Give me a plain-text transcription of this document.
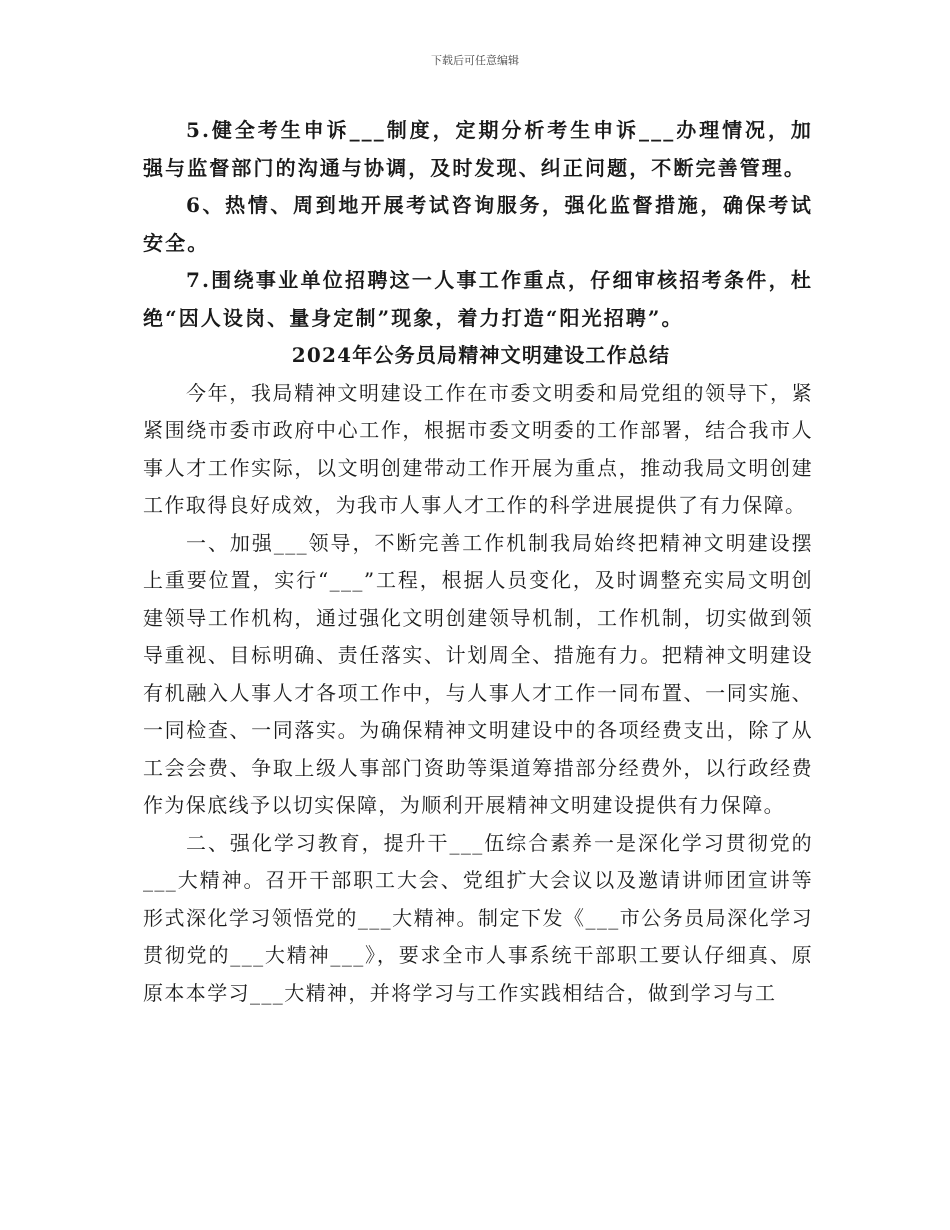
下载后可任意编辑

5.健全考生申诉___制度，定期分析考生申诉___办理情况，加强与监督部门的沟通与协调，及时发现、纠正问题，不断完善管理。

6、热情、周到地开展考试咨询服务，强化监督措施，确保考试安全。

7.围绕事业单位招聘这一人事工作重点，仔细审核招考条件，杜绝“因人设岗、量身定制”现象，着力打造“阳光招聘”。

2024年公务员局精神文明建设工作总结

今年，我局精神文明建设工作在市委文明委和局党组的领导下，紧紧围绕市委市政府中心工作，根据市委文明委的工作部署，结合我市人事人才工作实际，以文明创建带动工作开展为重点，推动我局文明创建工作取得良好成效，为我市人事人才工作的科学进展提供了有力保障。

一、加强___领导，不断完善工作机制我局始终把精神文明建设摆上重要位置，实行“___”工程，根据人员变化，及时调整充实局文明创建领导工作机构，通过强化文明创建领导机制，工作机制，切实做到领导重视、目标明确、责任落实、计划周全、措施有力。把精神文明建设有机融入人事人才各项工作中，与人事人才工作一同布置、一同实施、一同检查、一同落实。为确保精神文明建设中的各项经费支出，除了从工会会费、争取上级人事部门资助等渠道筹措部分经费外，以行政经费作为保底线予以切实保障，为顺利开展精神文明建设提供有力保障。

二、强化学习教育，提升干___伍综合素养一是深化学习贯彻党的___大精神。召开干部职工大会、党组扩大会议以及邀请讲师团宣讲等形式深化学习领悟党的___大精神。制定下发《___市公务员局深化学习贯彻党的___大精神___》，要求全市人事系统干部职工要认仔细真、原原本本学习___大精神，并将学习与工作实践相结合，做到学习与工
